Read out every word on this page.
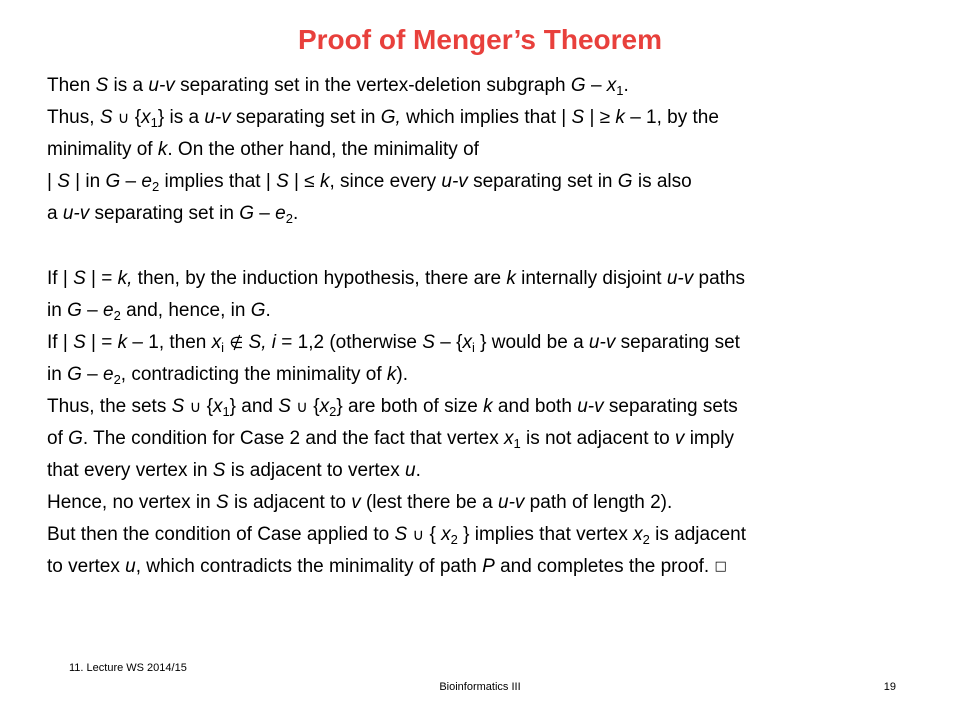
Proof of Menger’s Theorem
Then S is a u-v separating set in the vertex-deletion subgraph G – $x_1$.
Thus, S ∪ $\{x_1\}$ is a u-v separating set in G, which implies that | S | ≥ k – 1, by the
minimality of k. On the other hand, the minimality of
| S | in G – $e_2$ implies that | S | ≤ k, since every u-v separating set in G is also
a u-v separating set in G – $e_2$.
If | S | = k, then, by the induction hypothesis, there are k internally disjoint u-v paths
in G – $e_2$ and, hence, in G.
If | S | = k – 1, then $x_i$ ∉ S, i = 1,2 (otherwise S – {$x_i$ } would be a u-v separating set
in G – $e_2$, contradicting the minimality of k).
Thus, the sets S ∪ $\{x_1\}$ and S ∪ $\{x_2\}$ are both of size k and both u-v separating sets
of G. The condition for Case 2 and the fact that vertex $x_1$ is not adjacent to v imply
that every vertex in S is adjacent to vertex u.
Hence, no vertex in S is adjacent to v (lest there be a u-v path of length 2).
But then the condition of Case applied to S ∪ { $x_2$ } implies that vertex $x_2$ is adjacent
to vertex u, which contradicts the minimality of path P and completes the proof. □
11. Lecture WS 2014/15
Bioinformatics III	19
